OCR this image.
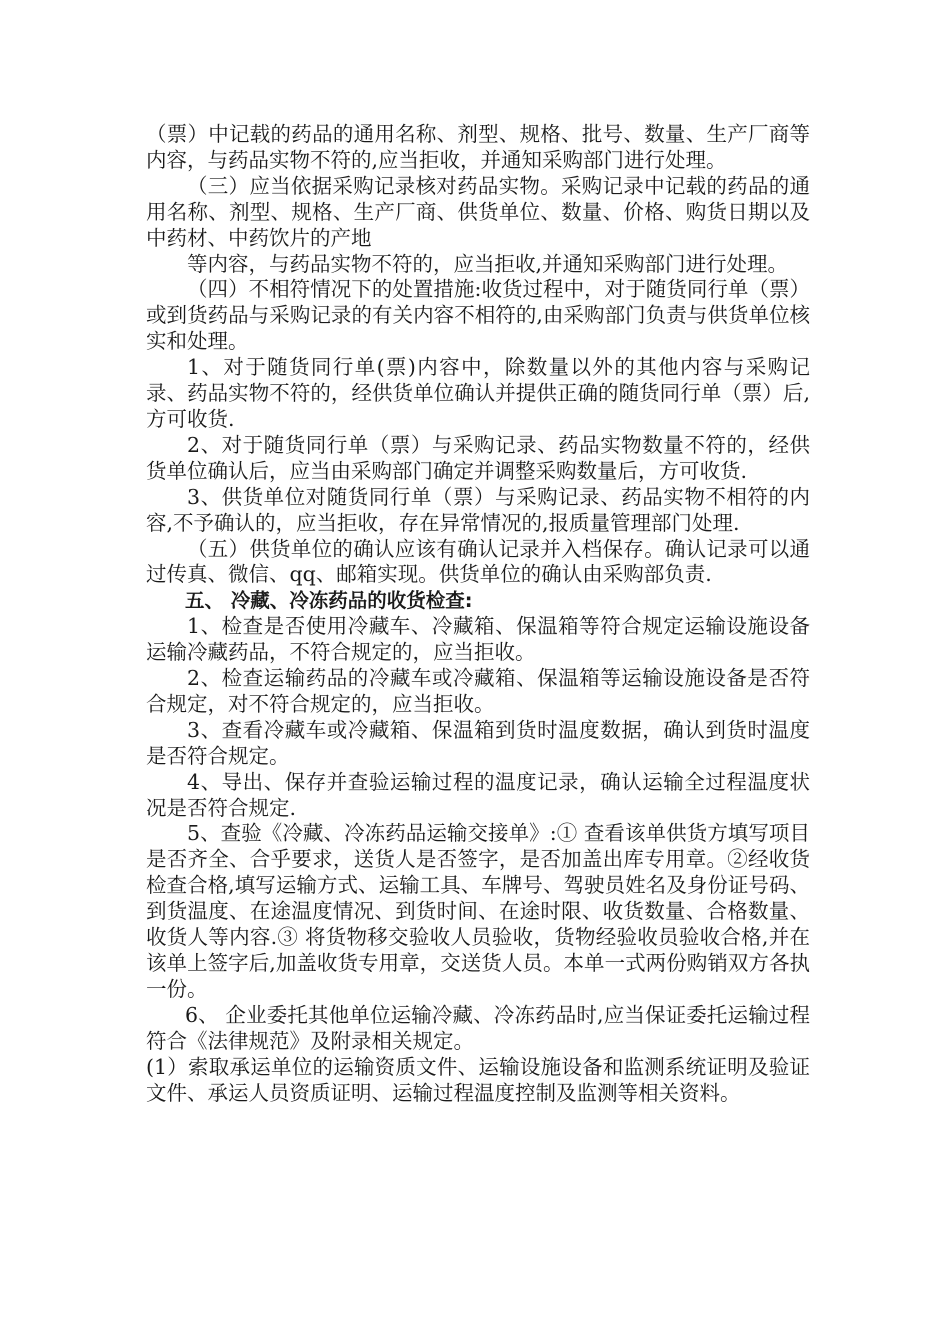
（票）中记载的药品的通用名称、剂型、规格、批号、数量、生产厂商等内容，与药品实物不符的,应当拒收，并通知采购部门进行处理。

（三）应当依据采购记录核对药品实物。采购记录中记载的药品的通用名称、剂型、规格、生产厂商、供货单位、数量、价格、购货日期以及中药材、中药饮片的产地

等内容，与药品实物不符的，应当拒收,并通知采购部门进行处理。

（四）不相符情况下的处置措施:收货过程中，对于随货同行单（票）或到货药品与采购记录的有关内容不相符的,由采购部门负责与供货单位核实和处理。

1、对于随货同行单(票)内容中，除数量以外的其他内容与采购记录、药品实物不符的，经供货单位确认并提供正确的随货同行单（票）后,方可收货.

2、对于随货同行单（票）与采购记录、药品实物数量不符的，经供货单位确认后，应当由采购部门确定并调整采购数量后，方可收货.

3、供货单位对随货同行单（票）与采购记录、药品实物不相符的内容,不予确认的，应当拒收，存在异常情况的,报质量管理部门处理.

（五）供货单位的确认应该有确认记录并入档保存。确认记录可以通过传真、微信、qq、邮箱实现。供货单位的确认由采购部负责.

五、 冷藏、冷冻药品的收货检查:

1、检查是否使用冷藏车、冷藏箱、保温箱等符合规定运输设施设备运输冷藏药品，不符合规定的，应当拒收。

2、检查运输药品的冷藏车或冷藏箱、保温箱等运输设施设备是否符合规定，对不符合规定的，应当拒收。

3、查看冷藏车或冷藏箱、保温箱到货时温度数据，确认到货时温度是否符合规定。

4、导出、保存并查验运输过程的温度记录，确认运输全过程温度状况是否符合规定.

5、查验《冷藏、冷冻药品运输交接单》:① 查看该单供货方填写项目是否齐全、合乎要求，送货人是否签字，是否加盖出库专用章。②经收货检查合格,填写运输方式、运输工具、车牌号、驾驶员姓名及身份证号码、到货温度、在途温度情况、到货时间、在途时限、收货数量、合格数量、收货人等内容.③ 将货物移交验收人员验收，货物经验收员验收合格,并在该单上签字后,加盖收货专用章，交送货人员。本单一式两份购销双方各执一份。

6、 企业委托其他单位运输冷藏、冷冻药品时,应当保证委托运输过程符合《法律规范》及附录相关规定。

(1）索取承运单位的运输资质文件、运输设施设备和监测系统证明及验证文件、承运人员资质证明、运输过程温度控制及监测等相关资料。
